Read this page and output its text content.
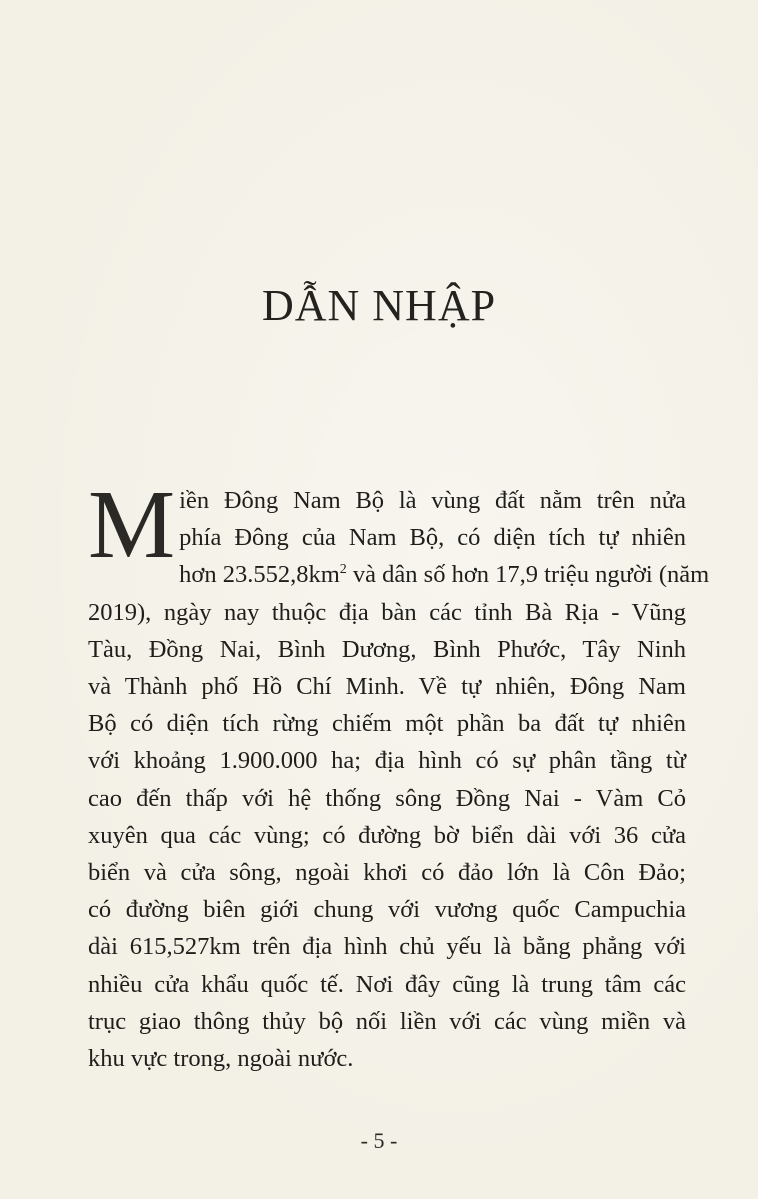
DẪN NHẬP
M iền Đông Nam Bộ là vùng đất nằm trên nửa
phía Đông của Nam Bộ, có diện tích tự nhiên
hơn $23.552,8km^2$ và dân số hơn 17,9 triệu người (năm
2019), ngày nay thuộc địa bàn các tỉnh Bà Rịa - Vũng
Tàu, Đồng Nai, Bình Dương, Bình Phước, Tây Ninh
và Thành phố Hồ Chí Minh. Về tự nhiên, Đông Nam
Bộ có diện tích rừng chiếm một phần ba đất tự nhiên
với khoảng 1.900.000 ha; địa hình có sự phân tầng từ
cao đến thấp với hệ thống sông Đồng Nai - Vàm Cỏ
xuyên qua các vùng; có đường bờ biển dài với 36 cửa
biển và cửa sông, ngoài khơi có đảo lớn là Côn Đảo;
có đường biên giới chung với vương quốc Campuchia
dài 615,527km trên địa hình chủ yếu là bằng phẳng với
nhiều cửa khẩu quốc tế. Nơi đây cũng là trung tâm các
trục giao thông thủy bộ nối liền với các vùng miền và
khu vực trong, ngoài nước.
- 5 -
